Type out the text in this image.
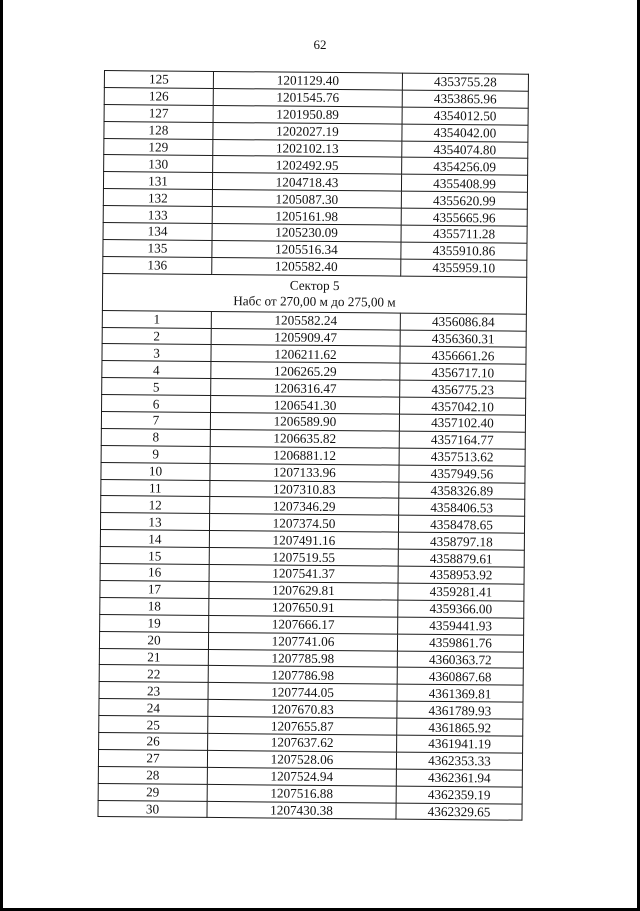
62
125	1201129.40	4353755.28
126	1201545.76	4353865.96
127	1201950.89	4354012.50
128	1202027.19	4354042.00
129	1202102.13	4354074.80
130	1202492.95	4354256.09
131	1204718.43	4355408.99
132	1205087.30	4355620.99
133	1205161.98	4355665.96
134	1205230.09	4355711.28
135	1205516.34	4355910.86
136	1205582.40	4355959.10

Сектор 5
Набс от 270,00 м до 275,00 м		

1	1205582.24	4356086.84
2	1205909.47	4356360.31
3	1206211.62	4356661.26
4	1206265.29	4356717.10
5	1206316.47	4356775.23
6	1206541.30	4357042.10
7	1206589.90	4357102.40
8	1206635.82	4357164.77
9	1206881.12	4357513.62
10	1207133.96	4357949.56
11	1207310.83	4358326.89
12	1207346.29	4358406.53
13	1207374.50	4358478.65
14	1207491.16	4358797.18
15	1207519.55	4358879.61
16	1207541.37	4358953.92
17	1207629.81	4359281.41
18	1207650.91	4359366.00
19	1207666.17	4359441.93
20	1207741.06	4359861.76
21	1207785.98	4360363.72
22	1207786.98	4360867.68
23	1207744.05	4361369.81
24	1207670.83	4361789.93
25	1207655.87	4361865.92
26	1207637.62	4361941.19
27	1207528.06	4362353.33
28	1207524.94	4362361.94
29	1207516.88	4362359.19
30	1207430.38	4362329.65
